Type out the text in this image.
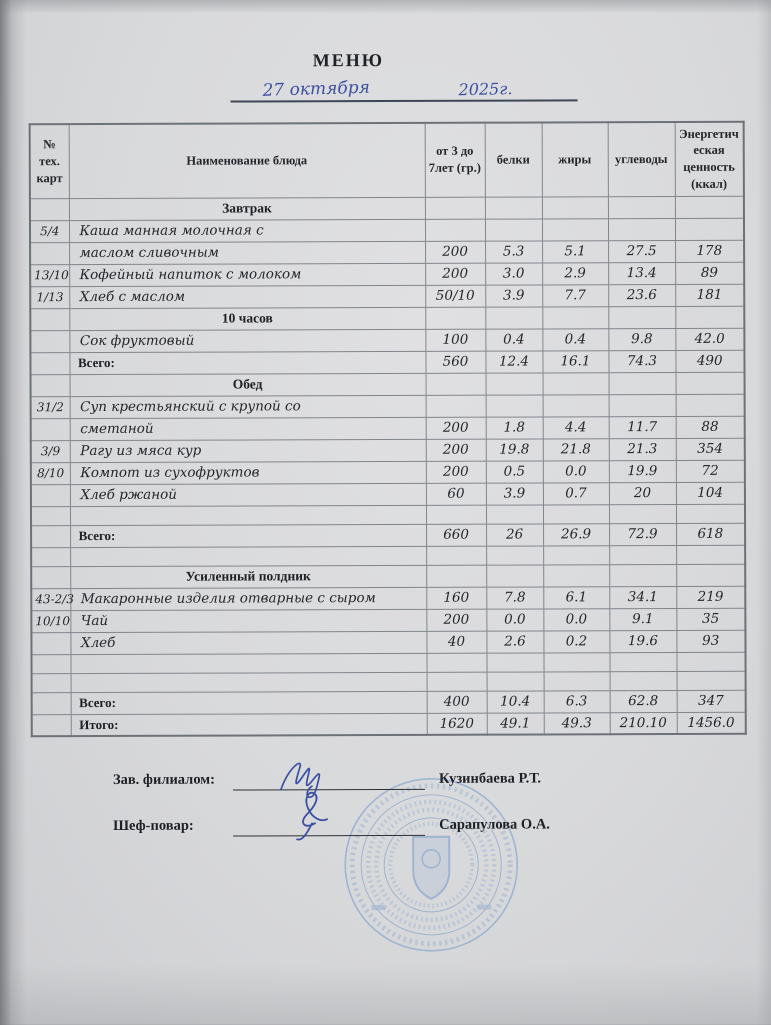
МЕНЮ
27 октября	2025г.
№ тех. карт	Наименование блюда	от 3 до 7лет (гр.)	белки	жиры	углеводы	Энергетическая ценность (ккал)
	Завтрак					
5/4	Каша манная молочная с					
	маслом сливочным	200	5.3	5.1	27.5	178
13/10	Кофейный напиток с молоком	200	3.0	2.9	13.4	89
1/13	Хлеб с маслом	50/10	3.9	7.7	23.6	181
	10 часов					
	Сок фруктовый	100	0.4	0.4	9.8	42.0
	Всего:	560	12.4	16.1	74.3	490
	Обед					
31/2	Суп крестьянский с крупой со					
	сметаной	200	1.8	4.4	11.7	88
3/9	Рагу из мяса кур	200	19.8	21.8	21.3	354
8/10	Компот из сухофруктов	200	0.5	0.0	19.9	72
	Хлеб ржаной	60	3.9	0.7	20	104

	Всего:	660	26	26.9	72.9	618

	Усиленный полдник					
43-2/3	Макаронные изделия отварные с сыром	160	7.8	6.1	34.1	219
10/10	Чай	200	0.0	0.0	9.1	35
	Хлеб	40	2.6	0.2	19.6	93

	Всего:	400	10.4	6.3	62.8	347
	Итого:	1620	49.1	49.3	210.10	1456.0
Зав. филиалом:	Кузинбаева Р.Т.
Шеф-повар:	Сарапулова О.А.
